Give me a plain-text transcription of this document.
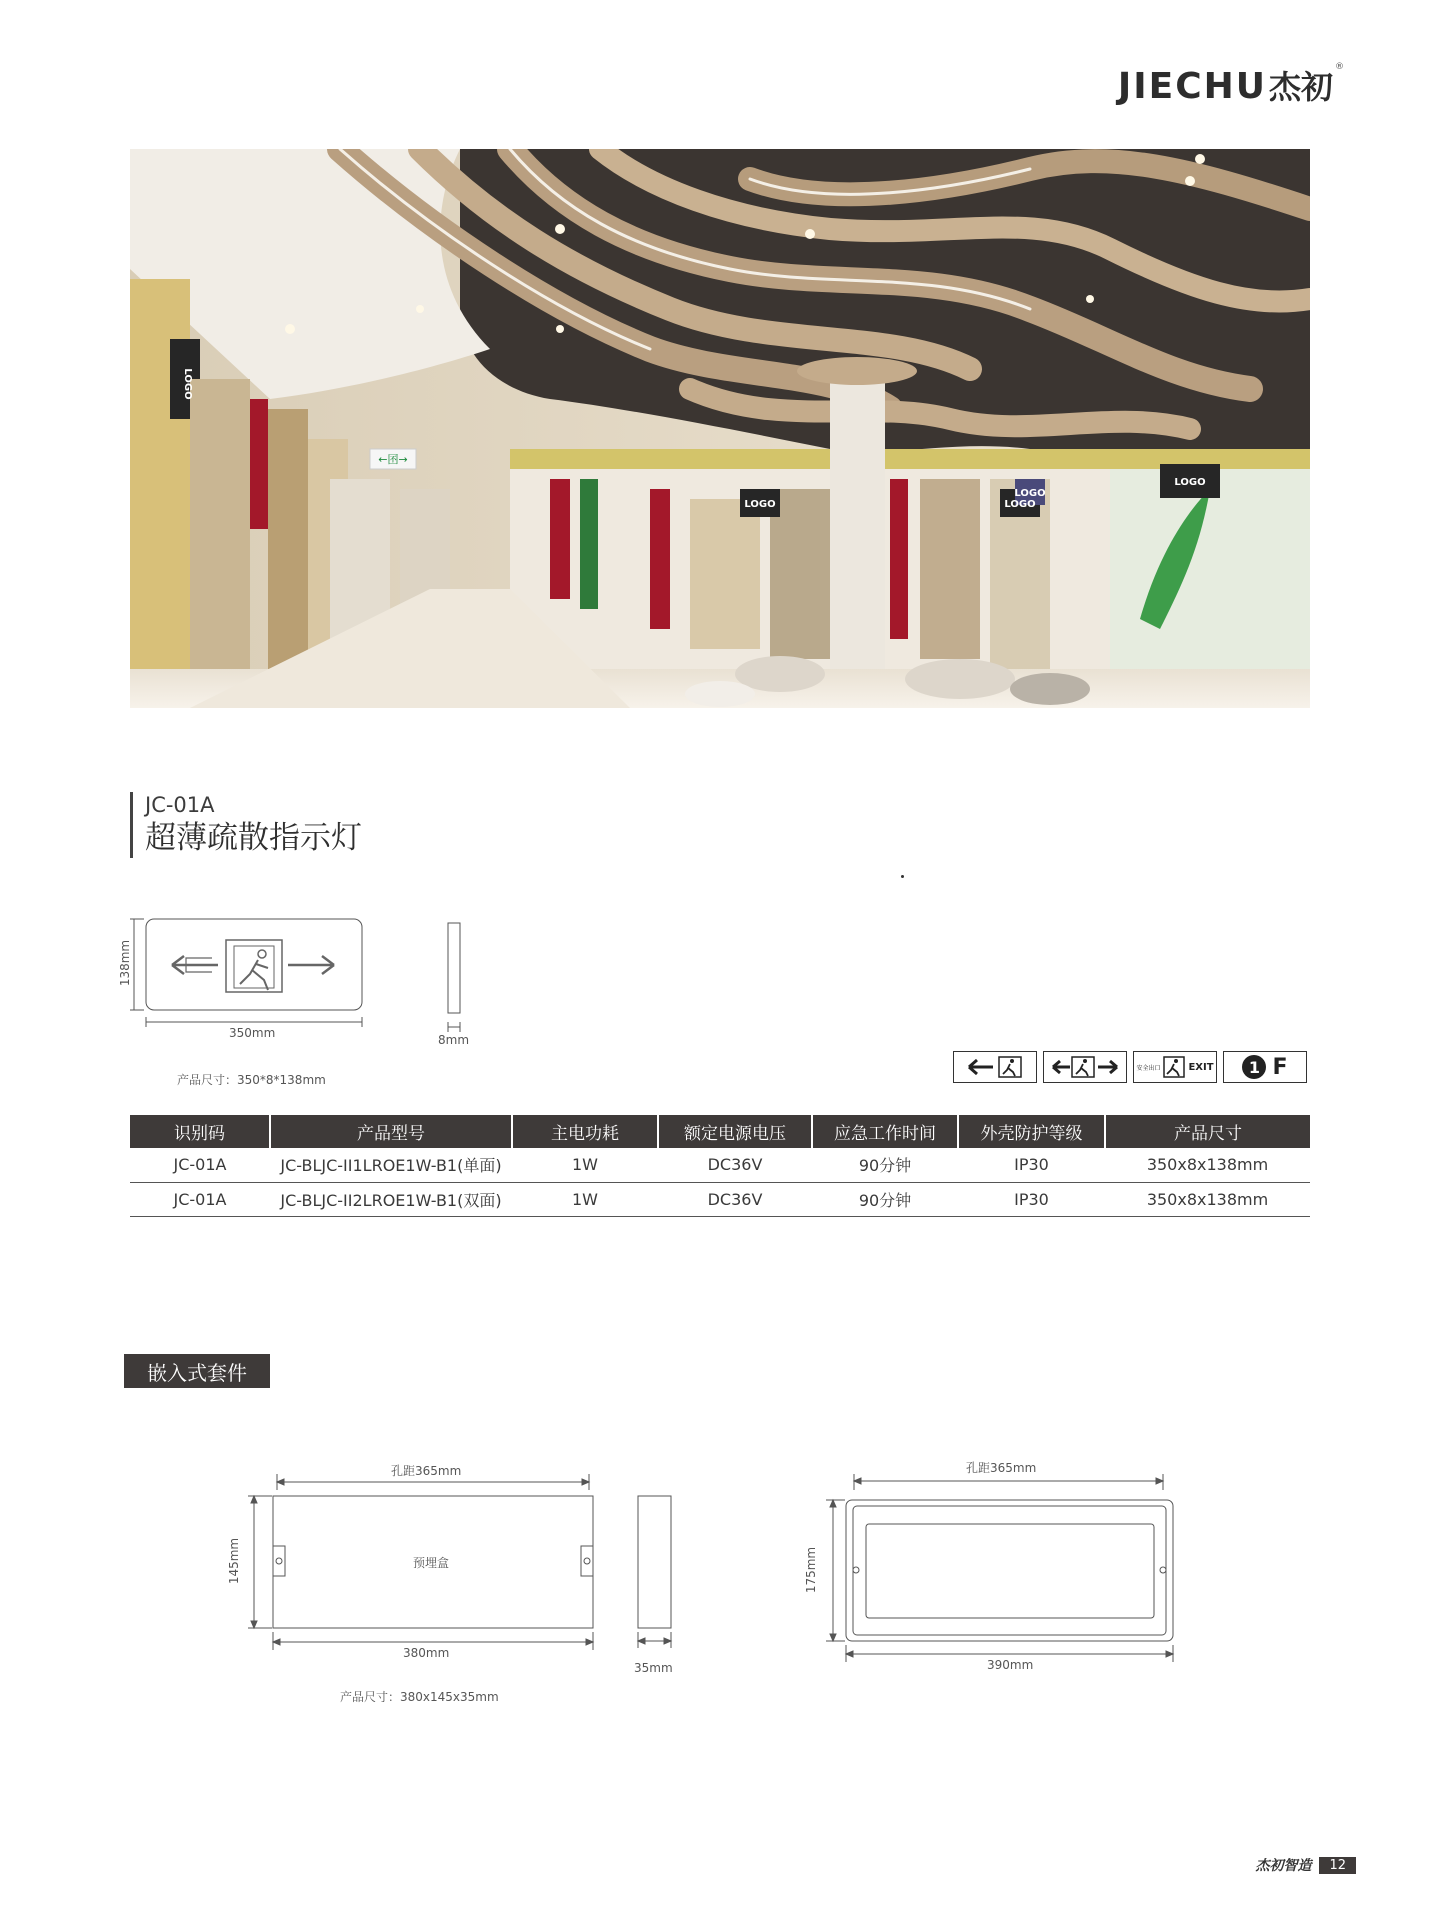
JIECHU 杰初
®
←囨→
LOGO	LOGO
LOGO
LOGO
LOGO
JC-01A
超薄疏散指示灯
138mm
350mm	8mm
产品尺寸：350*8*138mm
安全出口	EXIT	1 F
识别码	产品型号	主电功耗	额定电源电压	应急工作时间	外壳防护等级	产品尺寸
JC-01A	JC-BLJC-II1LROE1W-B1(单面)	1W	DC36V	90分钟	IP30	350x8x138mm
JC-01A	JC-BLJC-II2LROE1W-B1(双面)	1W	DC36V	90分钟	IP30	350x8x138mm
嵌入式套件
孔距365mm
145mm	预埋盒
380mm
35mm
产品尺寸：380x145x35mm
孔距365mm
175mm
390mm
杰初智造	12
